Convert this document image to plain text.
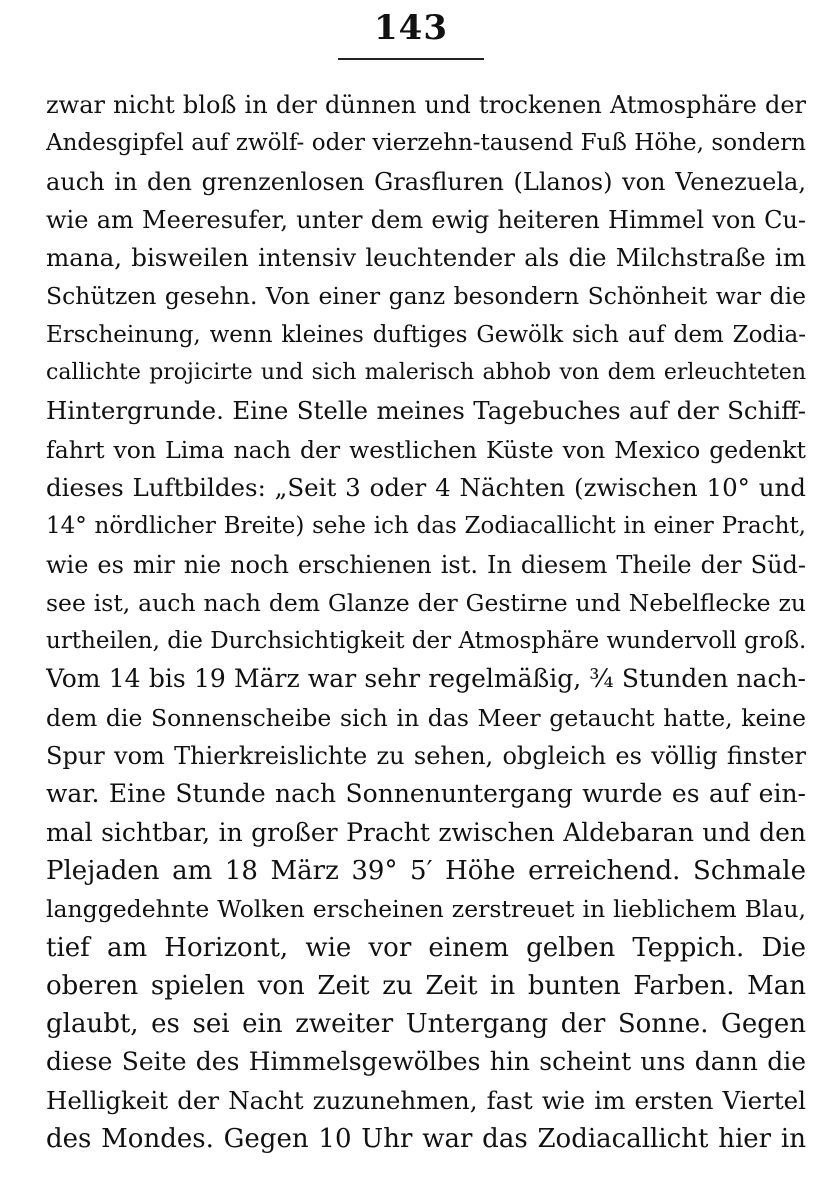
143
zwar nicht bloß in der dünnen und trockenen Atmosphäre der
Andesgipfel auf zwölf- oder vierzehn-tausend Fuß Höhe, sondern
auch in den grenzenlosen Grasfluren (Llanos) von Venezuela,
wie am Meeresufer, unter dem ewig heiteren Himmel von Cu-
mana, bisweilen intensiv leuchtender als die Milchstraße im
Schützen gesehn. Von einer ganz besondern Schönheit war die
Erscheinung, wenn kleines duftiges Gewölk sich auf dem Zodia-
callichte projicirte und sich malerisch abhob von dem erleuchteten
Hintergrunde. Eine Stelle meines Tagebuches auf der Schiff-
fahrt von Lima nach der westlichen Küste von Mexico gedenkt
dieses Luftbildes: „Seit 3 oder 4 Nächten (zwischen 10° und
14° nördlicher Breite) sehe ich das Zodiacallicht in einer Pracht,
wie es mir nie noch erschienen ist. In diesem Theile der Süd-
see ist, auch nach dem Glanze der Gestirne und Nebelflecke zu
urtheilen, die Durchsichtigkeit der Atmosphäre wundervoll groß.
Vom 14 bis 19 März war sehr regelmäßig, ¾ Stunden nach-
dem die Sonnenscheibe sich in das Meer getaucht hatte, keine
Spur vom Thierkreislichte zu sehen, obgleich es völlig finster
war. Eine Stunde nach Sonnenuntergang wurde es auf ein-
mal sichtbar, in großer Pracht zwischen Aldebaran und den
Plejaden am 18 März 39° 5′ Höhe erreichend. Schmale
langgedehnte Wolken erscheinen zerstreuet in lieblichem Blau,
tief am Horizont, wie vor einem gelben Teppich. Die
oberen spielen von Zeit zu Zeit in bunten Farben. Man
glaubt, es sei ein zweiter Untergang der Sonne. Gegen
diese Seite des Himmelsgewölbes hin scheint uns dann die
Helligkeit der Nacht zuzunehmen, fast wie im ersten Viertel
des Mondes. Gegen 10 Uhr war das Zodiacallicht hier in
